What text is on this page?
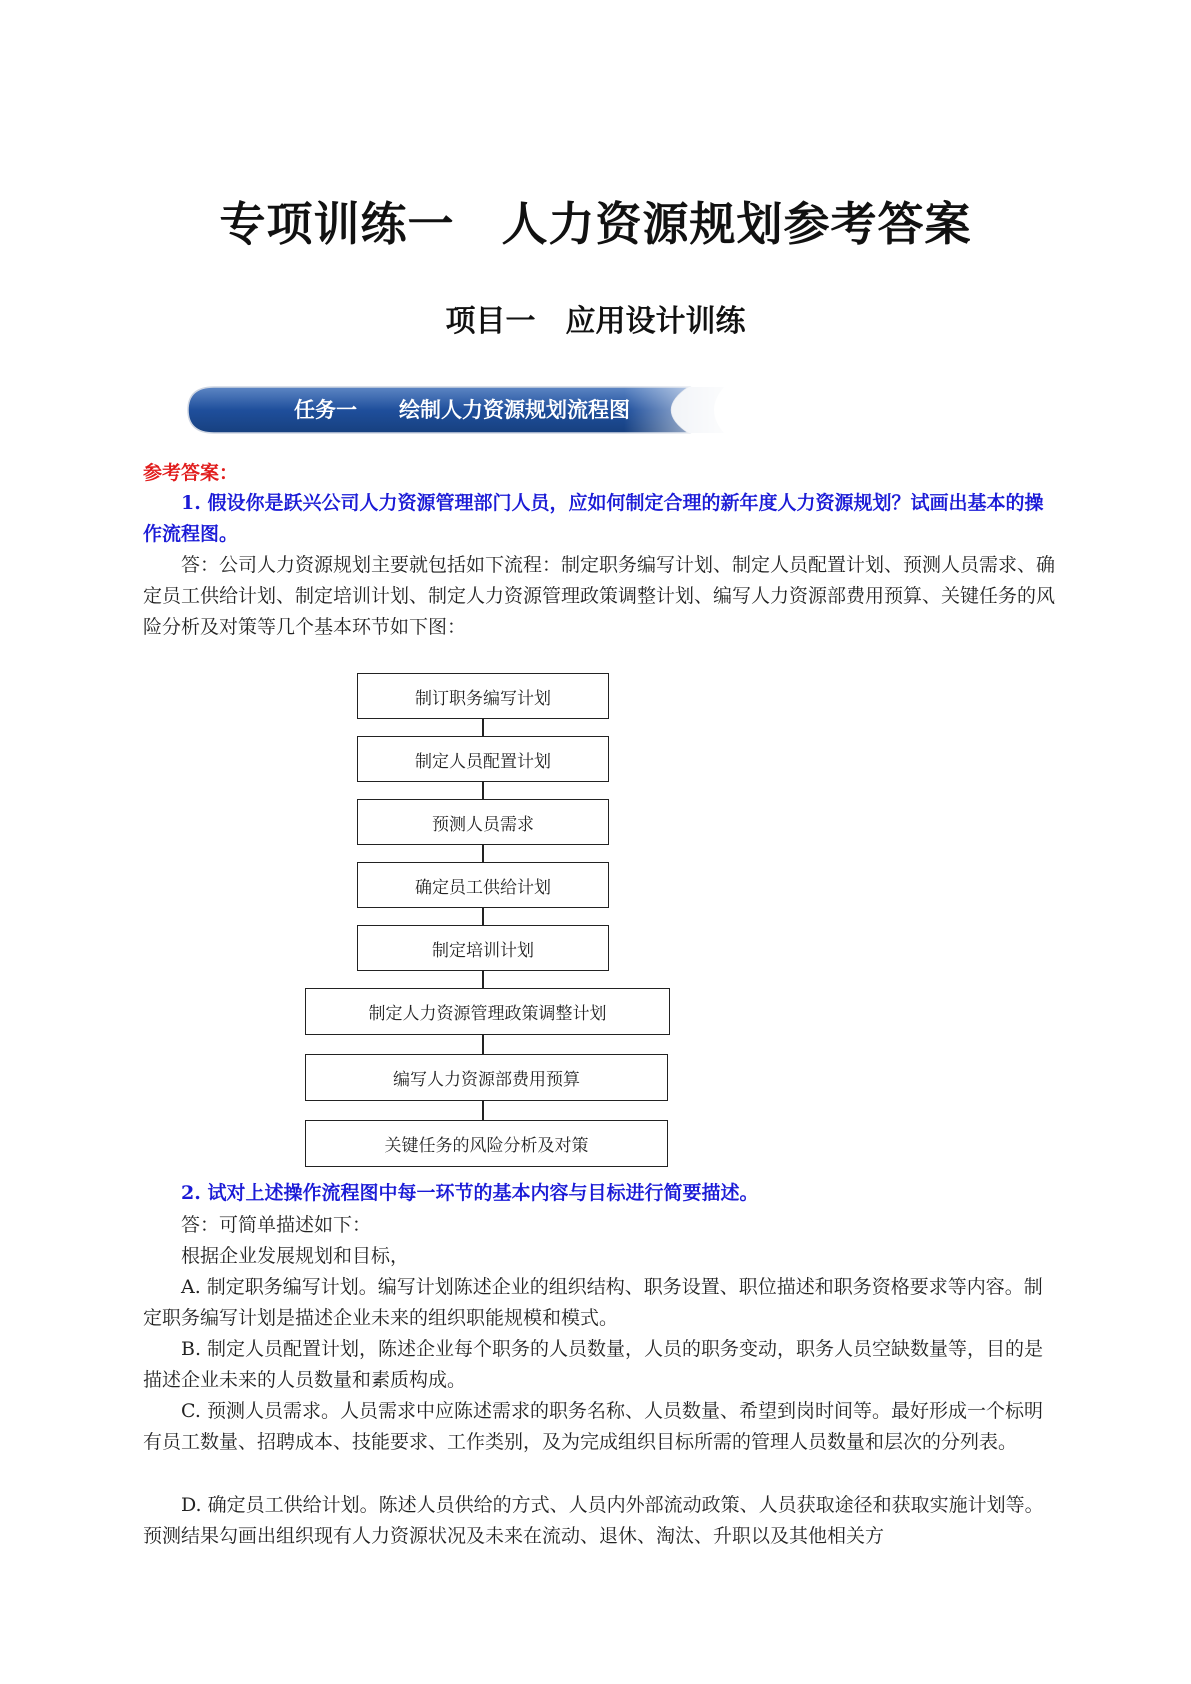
专项训练一　人力资源规划参考答案
项目一　应用设计训练
任务一　　绘制人力资源规划流程图
参考答案：

1. 假设你是跃兴公司人力资源管理部门人员，应如何制定合理的新年度人力资源规划？试画出基本的操作流程图。

答：公司人力资源规划主要就包括如下流程：制定职务编写计划、制定人员配置计划、预测人员需求、确定员工供给计划、制定培训计划、制定人力资源管理政策调整计划、编写人力资源部费用预算、关键任务的风险分析及对策等几个基本环节如下图：

制订职务编写计划
制定人员配置计划
预测人员需求
确定员工供给计划
制定培训计划
制定人力资源管理政策调整计划
编写人力资源部费用预算
关键任务的风险分析及对策

2. 试对上述操作流程图中每一环节的基本内容与目标进行简要描述。

答：可简单描述如下：

根据企业发展规划和目标，

A. 制定职务编写计划。编写计划陈述企业的组织结构、职务设置、职位描述和职务资格要求等内容。制定职务编写计划是描述企业未来的组织职能规模和模式。

B. 制定人员配置计划，陈述企业每个职务的人员数量，人员的职务变动，职务人员空缺数量等，目的是描述企业未来的人员数量和素质构成。

C. 预测人员需求。人员需求中应陈述需求的职务名称、人员数量、希望到岗时间等。最好形成一个标明有员工数量、招聘成本、技能要求、工作类别，及为完成组织目标所需的管理人员数量和层次的分列表。

D. 确定员工供给计划。陈述人员供给的方式、人员内外部流动政策、人员获取途径和获取实施计划等。预测结果勾画出组织现有人力资源状况及未来在流动、退休、淘汰、升职以及其他相关方
